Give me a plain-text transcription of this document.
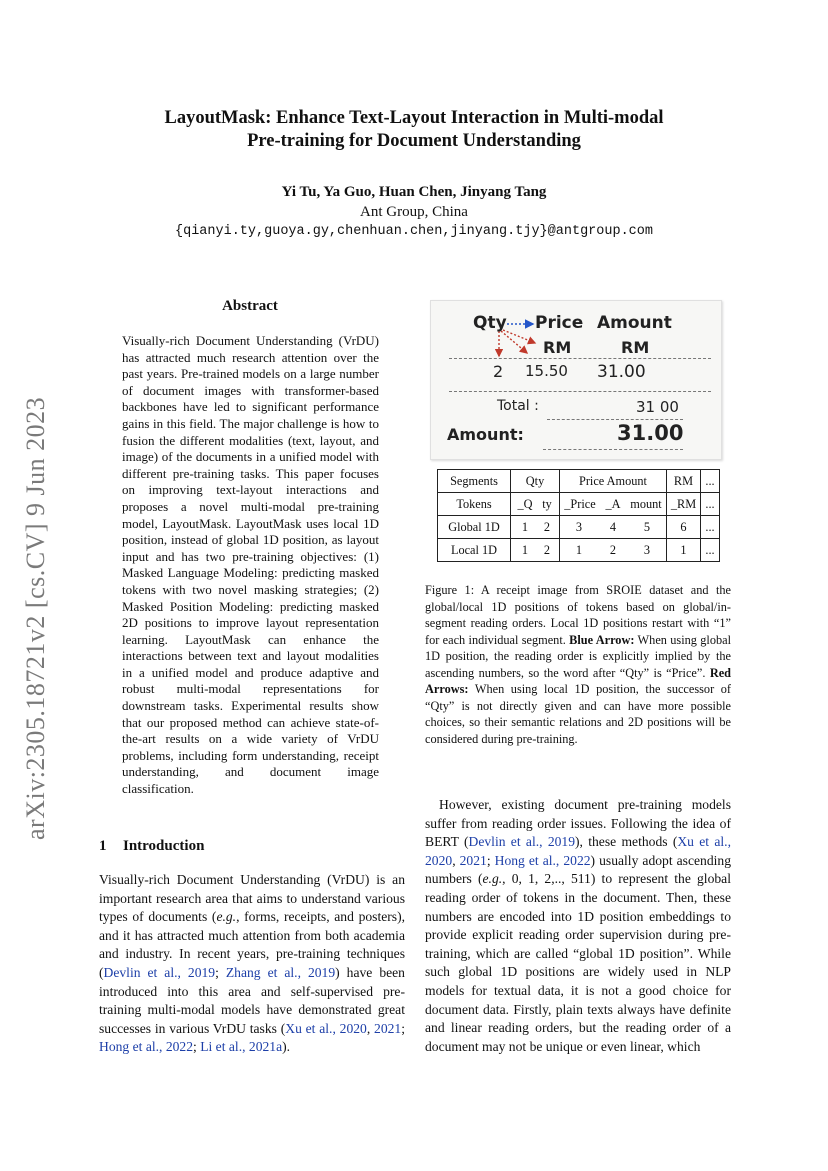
LayoutMask: Enhance Text-Layout Interaction in Multi-modal
Pre-training for Document Understanding
Yi Tu, Ya Guo, Huan Chen, Jinyang Tang
Ant Group, China
{qianyi.ty,guoya.gy,chenhuan.chen,jinyang.tjy}@antgroup.com
arXiv:2305.18721v2 [cs.CV] 9 Jun 2023
Abstract

Visually-rich Document Understanding (VrDU) has attracted much research attention over the past years. Pre-trained models on a large number of document images with transformer-based backbones have led to significant performance gains in this field. The major challenge is how to fusion the different modalities (text, layout, and image) of the documents in a unified model with different pre-training tasks. This paper focuses on improving text-layout interactions and proposes a novel multi-modal pre-training model, LayoutMask. LayoutMask uses local 1D position, instead of global 1D position, as layout input and has two pre-training objectives: (1) Masked Language Modeling: predicting masked tokens with two novel masking strategies; (2) Masked Position Modeling: predicting masked 2D positions to improve layout representation learning. LayoutMask can enhance the interactions between text and layout modalities in a unified model and produce adaptive and robust multi-modal representations for downstream tasks. Experimental results show that our proposed method can achieve state-of-the-art results on a wide variety of VrDU problems, including form understanding, receipt understanding, and document image classification.

1 Introduction

Visually-rich Document Understanding (VrDU) is an important research area that aims to understand various types of documents (e.g., forms, receipts, and posters), and it has attracted much attention from both academia and industry. In recent years, pre-training techniques (Devlin et al., 2019; Zhang et al., 2019) have been introduced into this area and self-supervised pre-training multi-modal models have demonstrated great successes in various VrDU tasks (Xu et al., 2020, 2021; Hong et al., 2022; Li et al., 2021a).

Qty Price Amount
RM	RM
2 15.50 31.00
Total :	31 00
Amount:	31.00
Segments	Qty	Price Amount	RM	...
Tokens	_Q ty	_Price _A mount	_RM	...
Global 1D	1 2	3 4 5	6	...
Local 1D	1 2	1 2 3	1	...
Figure 1: A receipt image from SROIE dataset and the global/local 1D positions of tokens based on global/in-segment reading orders. Local 1D positions restart with “1” for each individual segment. Blue Arrow: When using global 1D position, the reading order is explicitly implied by the ascending numbers, so the word after “Qty” is “Price”. Red Arrows: When using local 1D position, the successor of “Qty” is not directly given and can have more possible choices, so their semantic relations and 2D positions will be considered during pre-training.

However, existing document pre-training models suffer from reading order issues. Following the idea of BERT (Devlin et al., 2019), these methods (Xu et al., 2020, 2021; Hong et al., 2022) usually adopt ascending numbers (e.g., 0, 1, 2,.., 511) to represent the global reading order of tokens in the document. Then, these numbers are encoded into 1D position embeddings to provide explicit reading order supervision during pre-training, which are called “global 1D position”. While such global 1D positions are widely used in NLP models for textual data, it is not a good choice for document data. Firstly, plain texts always have definite and linear reading orders, but the reading order of a document may not be unique or even linear, which
